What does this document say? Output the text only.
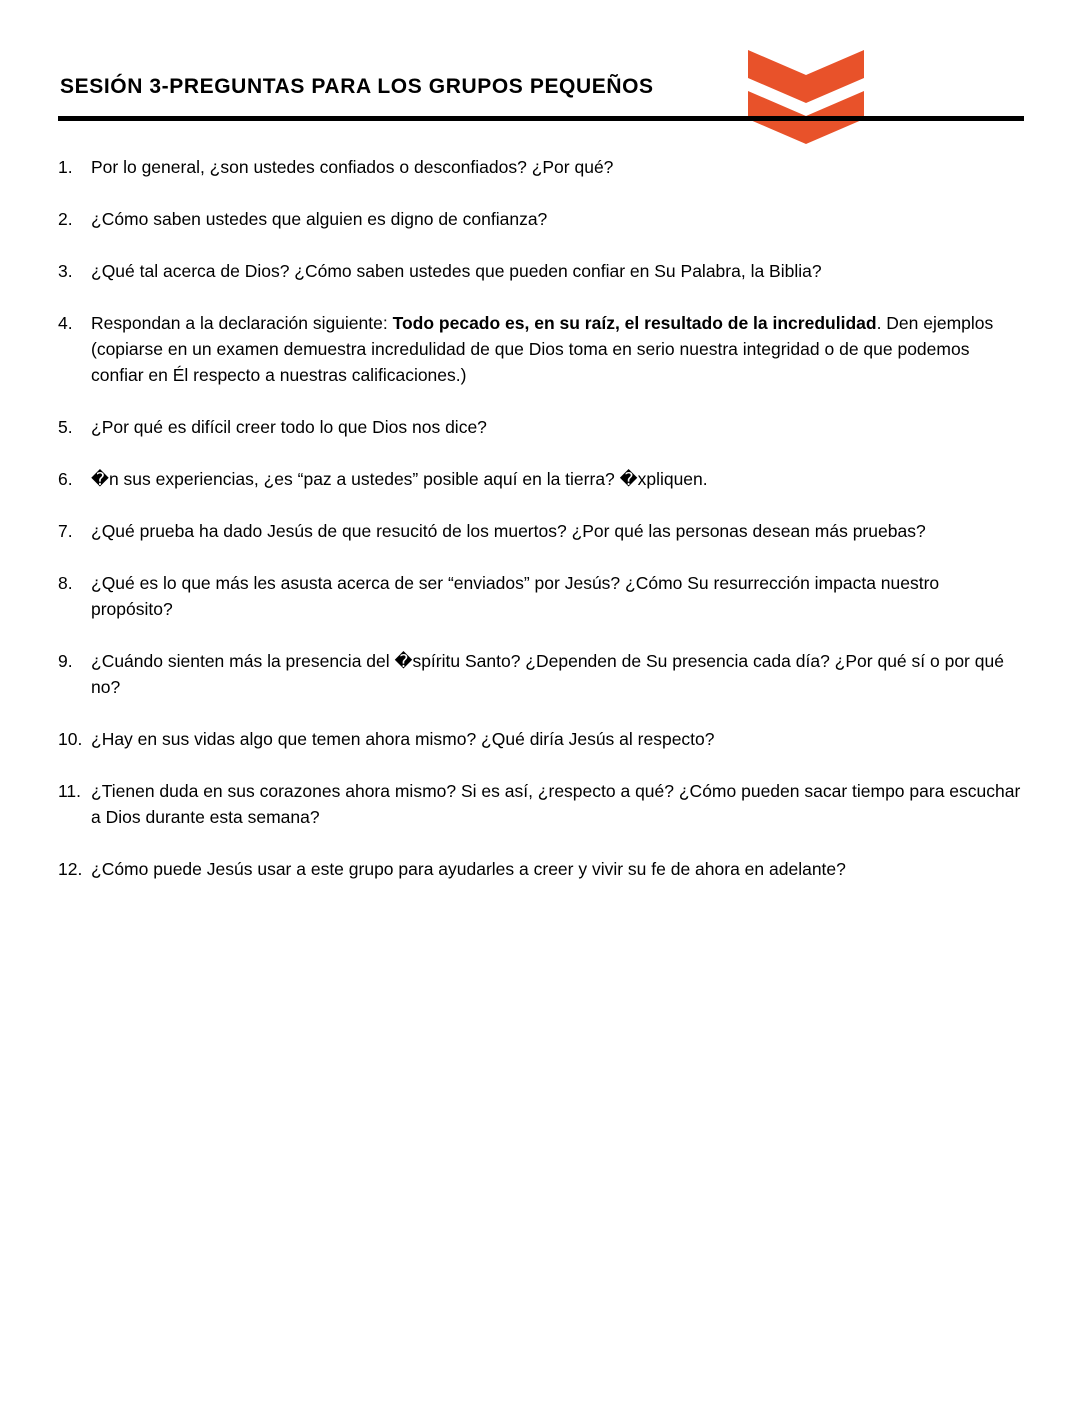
SESIÓN 3-PREGUNTAS PARA LOS GRUPOS PEQUEÑOS
1. Por lo general, ¿son ustedes confiados o desconfiados? ¿Por qué?
2. ¿Cómo saben ustedes que alguien es digno de confianza?
3. ¿Qué tal acerca de Dios? ¿Cómo saben ustedes que pueden confiar en Su Palabra, la Biblia?
4. Respondan a la declaración siguiente: Todo pecado es, en su raíz, el resultado de la incredulidad. Den ejemplos (copiarse en un examen demuestra incredulidad de que Dios toma en serio nuestra integridad o de que podemos confiar en Él respecto a nuestras calificaciones.)
5. ¿Por qué es difícil creer todo lo que Dios nos dice?
6. �n sus experiencias, ¿es “paz a ustedes” posible aquí en la tierra? �xpliquen.
7. ¿Qué prueba ha dado Jesús de que resucitó de los muertos? ¿Por qué las personas desean más pruebas?
8. ¿Qué es lo que más les asusta acerca de ser “enviados” por Jesús? ¿Cómo Su resurrección impacta nuestro propósito?
9. ¿Cuándo sienten más la presencia del �spíritu Santo? ¿Dependen de Su presencia cada día? ¿Por qué sí o por qué no?
10. ¿Hay en sus vidas algo que temen ahora mismo? ¿Qué diría Jesús al respecto?
11. ¿Tienen duda en sus corazones ahora mismo? Si es así, ¿respecto a qué? ¿Cómo pueden sacar tiempo para escuchar a Dios durante esta semana?
12. ¿Cómo puede Jesús usar a este grupo para ayudarles a creer y vivir su fe de ahora en adelante?
